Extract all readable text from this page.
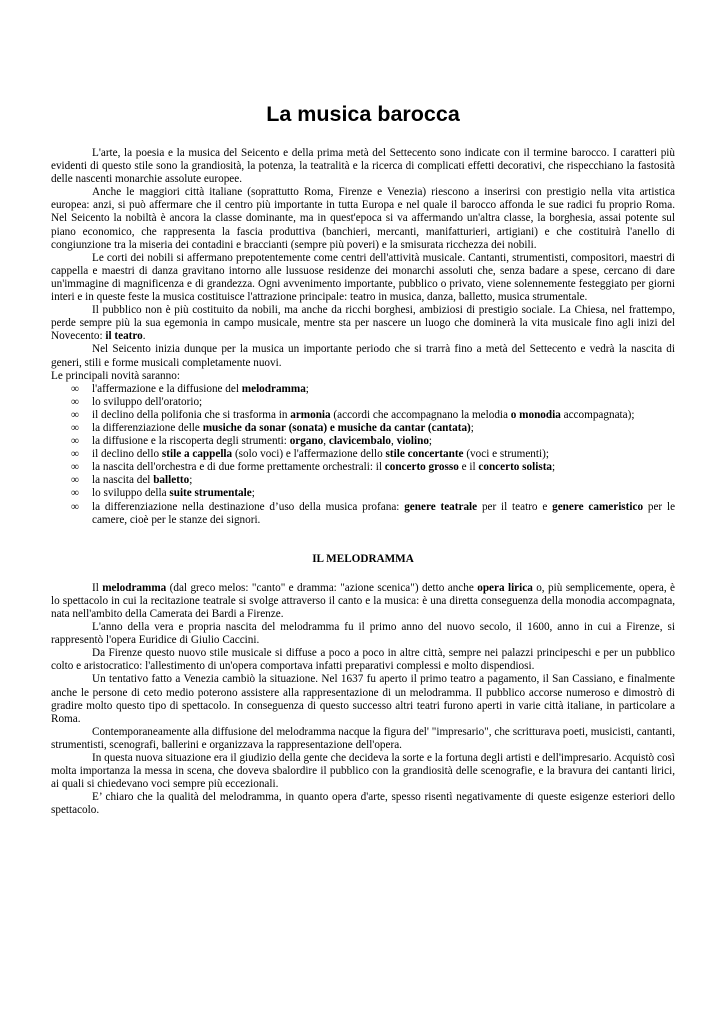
La musica barocca

L'arte, la poesia e la musica del Seicento e della prima metà del Settecento sono indicate con il termine barocco. I caratteri più evidenti di questo stile sono la grandiosità, la potenza, la teatralità e la ricerca di complicati effetti decorativi, che rispecchiano la fastosità delle nascenti monarchie assolute europee.

Anche le maggiori città italiane (soprattutto Roma, Firenze e Venezia) riescono a inserirsi con prestigio nella vita artistica europea: anzi, si può affermare che il centro più importante in tutta Europa e nel quale il barocco affonda le sue radici fu proprio Roma. Nel Seicento la nobiltà è ancora la classe dominante, ma in quest'epoca si va affermando un'altra classe, la borghesia, assai potente sul piano economico, che rappresenta la fascia produttiva (banchieri, mercanti, manifatturieri, artigiani) e che costituirà l'anello di congiunzione tra la miseria dei contadini e braccianti (sempre più poveri) e la smisurata ricchezza dei nobili.

Le corti dei nobili si affermano prepotentemente come centri dell'attività musicale. Cantanti, strumentisti, compositori, maestri di cappella e maestri di danza gravitano intorno alle lussuose residenze dei monarchi assoluti che, senza badare a spese, cercano di dare un'immagine di magnificenza e di grandezza. Ogni avvenimento importante, pubblico o privato, viene solennemente festeggiato per giorni interi e in queste feste la musica costituisce l'attrazione principale: teatro in musica, danza, balletto, musica strumentale.

Il pubblico non è più costituito da nobili, ma anche da ricchi borghesi, ambiziosi di prestigio sociale. La Chiesa, nel frattempo, perde sempre più la sua egemonia in campo musicale, mentre sta per nascere un luogo che dominerà la vita musicale fino agli inizi del Novecento: il teatro.

Nel Seicento inizia dunque per la musica un importante periodo che si trarrà fino a metà del Settecento e vedrà la nascita di generi, stili e forme musicali completamente nuovi.

Le principali novità saranno:

∞	l'affermazione e la diffusione del melodramma;
∞	lo sviluppo dell'oratorio;
∞	il declino della polifonia che si trasforma in armonia (accordi che accompagnano la melodia o monodia accompagnata);
∞	la differenziazione delle musiche da sonar (sonata) e musiche da cantar (cantata);
∞	la diffusione e la riscoperta degli strumenti: organo, clavicembalo, violino;
∞	il declino dello stile a cappella (solo voci) e l'affermazione dello stile concertante (voci e strumenti);
∞	la nascita dell'orchestra e di due forme prettamente orchestrali: il concerto grosso e il concerto solista;
∞	la nascita del balletto;
∞	lo sviluppo della suite strumentale;
∞	la differenziazione nella destinazione d’uso della musica profana: genere teatrale per il teatro e genere cameristico per le camere, cioè per le stanze dei signori.
IL MELODRAMMA

Il melodramma (dal greco melos: "canto" e dramma: "azione scenica") detto anche opera lirica o, più semplicemente, opera, è lo spettacolo in cui la recitazione teatrale si svolge attraverso il canto e la musica: è una diretta conseguenza della monodia accompagnata, nata nell'ambito della Camerata dei Bardi a Firenze.

L'anno della vera e propria nascita del melodramma fu il primo anno del nuovo secolo, il 1600, anno in cui a Firenze, si rappresentò l'opera Euridice di Giulio Caccini.

Da Firenze questo nuovo stile musicale si diffuse a poco a poco in altre città, sempre nei palazzi principeschi e per un pubblico colto e aristocratico: l'allestimento di un'opera comportava infatti preparativi complessi e molto dispendiosi.

Un tentativo fatto a Venezia cambiò la situazione. Nel 1637 fu aperto il primo teatro a pagamento, il San Cassiano, e finalmente anche le persone di ceto medio poterono assistere alla rappresentazione di un melodramma. Il pubblico accorse numeroso e dimostrò di gradire molto questo tipo di spettacolo. In conseguenza di questo successo altri teatri furono aperti in varie città italiane, in particolare a Roma.

Contemporaneamente alla diffusione del melodramma nacque la figura del' "impresario", che scritturava poeti, musicisti, cantanti, strumentisti, scenografi, ballerini e organizzava la rappresentazione dell'opera.

In questa nuova situazione era il giudizio della gente che decideva la sorte e la fortuna degli artisti e dell'impresario. Acquistò così molta importanza la messa in scena, che doveva sbalordire il pubblico con la grandiosità delle scenografie, e la bravura dei cantanti lirici, ai quali si chiedevano voci sempre più eccezionali.

E’ chiaro che la qualità del melodramma, in quanto opera d'arte, spesso risentì negativamente di queste esigenze esteriori dello spettacolo.
